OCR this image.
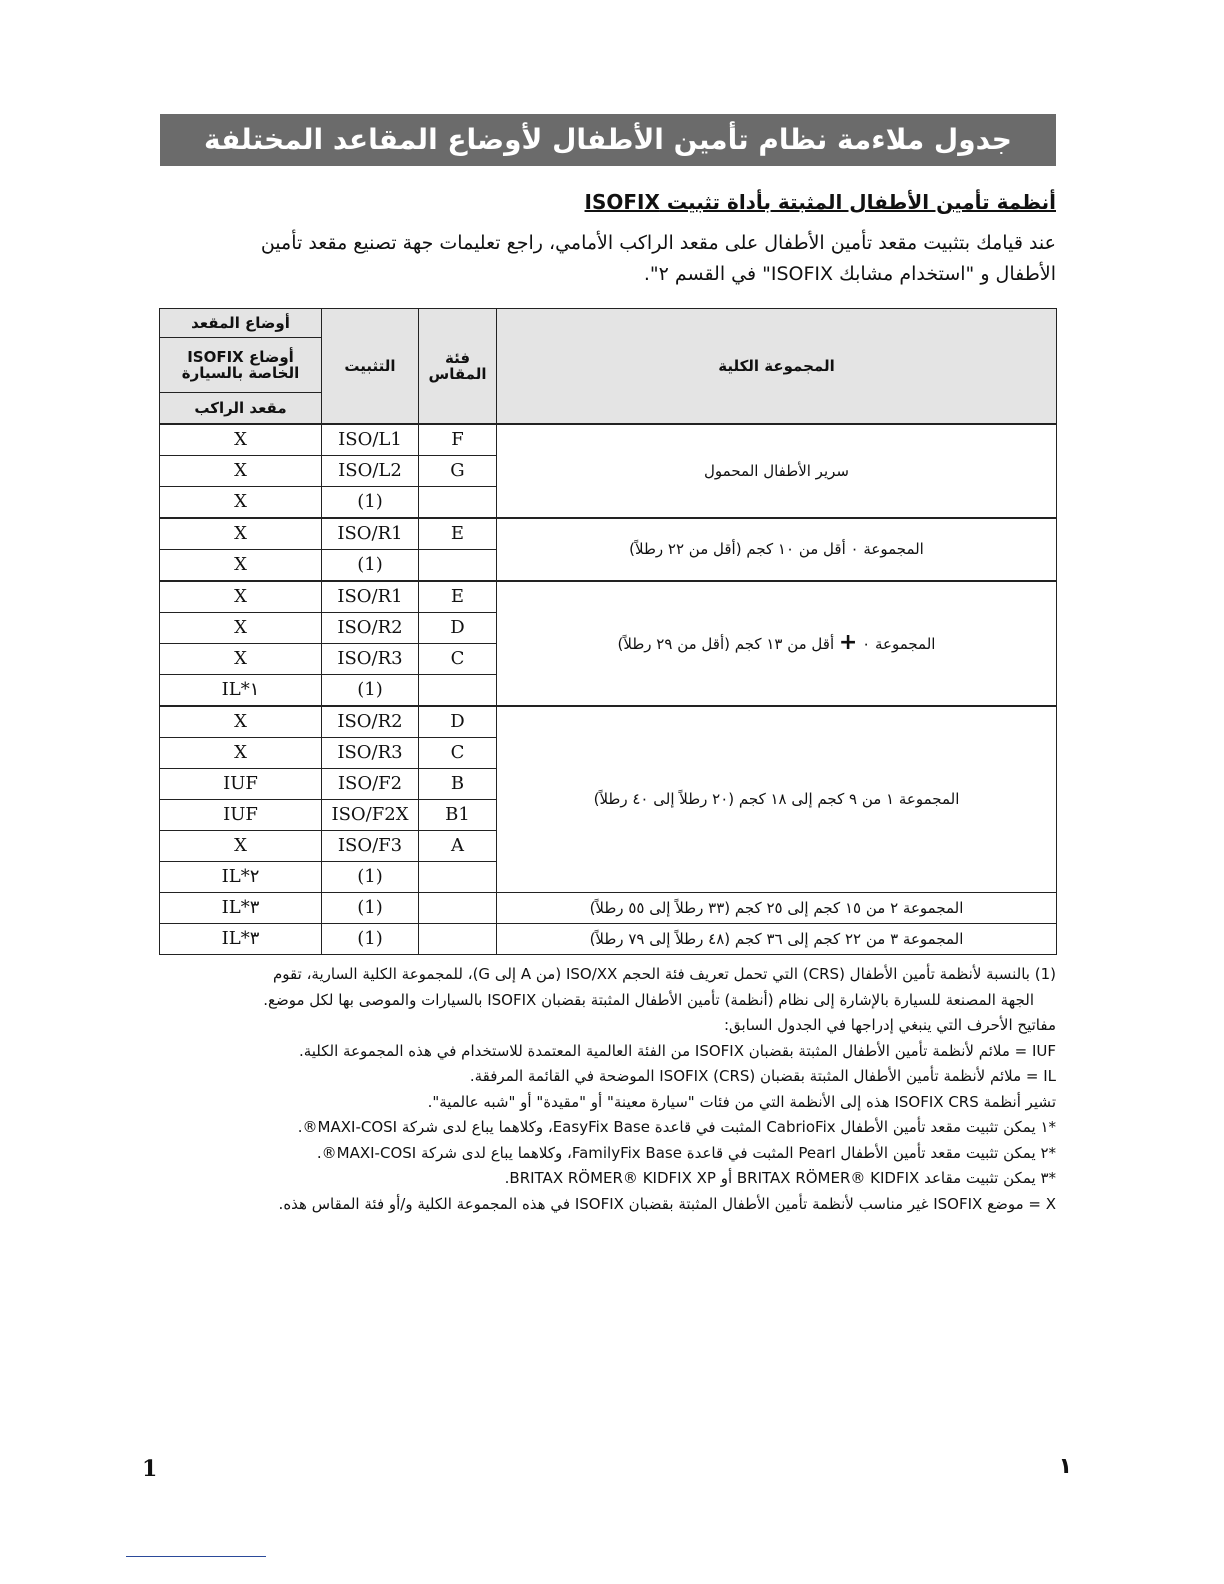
جدول ملاءمة نظام تأمين الأطفال لأوضاع المقاعد المختلفة
أنظمة تأمين الأطفال المثبتة بأداة تثبيت ISOFIX

عند قيامك بتثبيت مقعد تأمين الأطفال على مقعد الراكب الأمامي، راجع تعليمات جهة تصنيع مقعد تأمين

الأطفال و "استخدام مشابك ISOFIX" في القسم ٢".

أوضاع المقعد	التثبيت	فئة المقاس	المجموعة الكلية
أوضاع ISOFIX الخاصة بالسيارة			
مقعد الراكب			
X	ISO/L1	F	سرير الأطفال المحمول
X	ISO/L2	G	
X	(1)		
X	ISO/R1	E	المجموعة ٠ أقل من ١٠ كجم (أقل من ٢٢ رطلاً)
X	(1)		
X	ISO/R1	E	المجموعة ٠ + أقل من ١٣ كجم (أقل من ٢٩ رطلاً)
X	ISO/R2	D	
X	ISO/R3	C	
IL*١	(1)		
X	ISO/R2	D	المجموعة ١ من ٩ كجم إلى ١٨ كجم (٢٠ رطلاً إلى ٤٠ رطلاً)
X	ISO/R3	C	
IUF	ISO/F2	B	
IUF	ISO/F2X	B1	
X	ISO/F3	A	
IL*٢	(1)		
IL*٣	(1)		المجموعة ٢ من ١٥ كجم إلى ٢٥ كجم (٣٣ رطلاً إلى ٥٥ رطلاً)
IL*٣	(1)		المجموعة ٣ من ٢٢ كجم إلى ٣٦ كجم (٤٨ رطلاً إلى ٧٩ رطلاً)

(1) بالنسبة لأنظمة تأمين الأطفال (CRS) التي تحمل تعريف فئة الحجم ISO/XX (من A إلى G)، للمجموعة الكلية السارية، تقوم

الجهة المصنعة للسيارة بالإشارة إلى نظام (أنظمة) تأمين الأطفال المثبتة بقضبان ISOFIX بالسيارات والموصى بها لكل موضع.

مفاتيح الأحرف التي ينبغي إدراجها في الجدول السابق:

IUF = ملائم لأنظمة تأمين الأطفال المثبتة بقضبان ISOFIX من الفئة العالمية المعتمدة للاستخدام في هذه المجموعة الكلية.

IL = ملائم لأنظمة تأمين الأطفال المثبتة بقضبان ISOFIX (CRS) الموضحة في القائمة المرفقة.

تشير أنظمة ISOFIX CRS هذه إلى الأنظمة التي من فئات "سيارة معينة" أو "مقيدة" أو "شبه عالمية".

*١ يمكن تثبيت مقعد تأمين الأطفال CabrioFix المثبت في قاعدة EasyFix Base، وكلاهما يباع لدى شركة MAXI-COSI®.

*٢ يمكن تثبيت مقعد تأمين الأطفال Pearl المثبت في قاعدة FamilyFix Base، وكلاهما يباع لدى شركة MAXI-COSI®.

*٣ يمكن تثبيت مقاعد BRITAX RÖMER® KIDFIX أو BRITAX RÖMER® KIDFIX XP.

X = موضع ISOFIX غير مناسب لأنظمة تأمين الأطفال المثبتة بقضبان ISOFIX في هذه المجموعة الكلية و/أو فئة المقاس هذه.

1	١
